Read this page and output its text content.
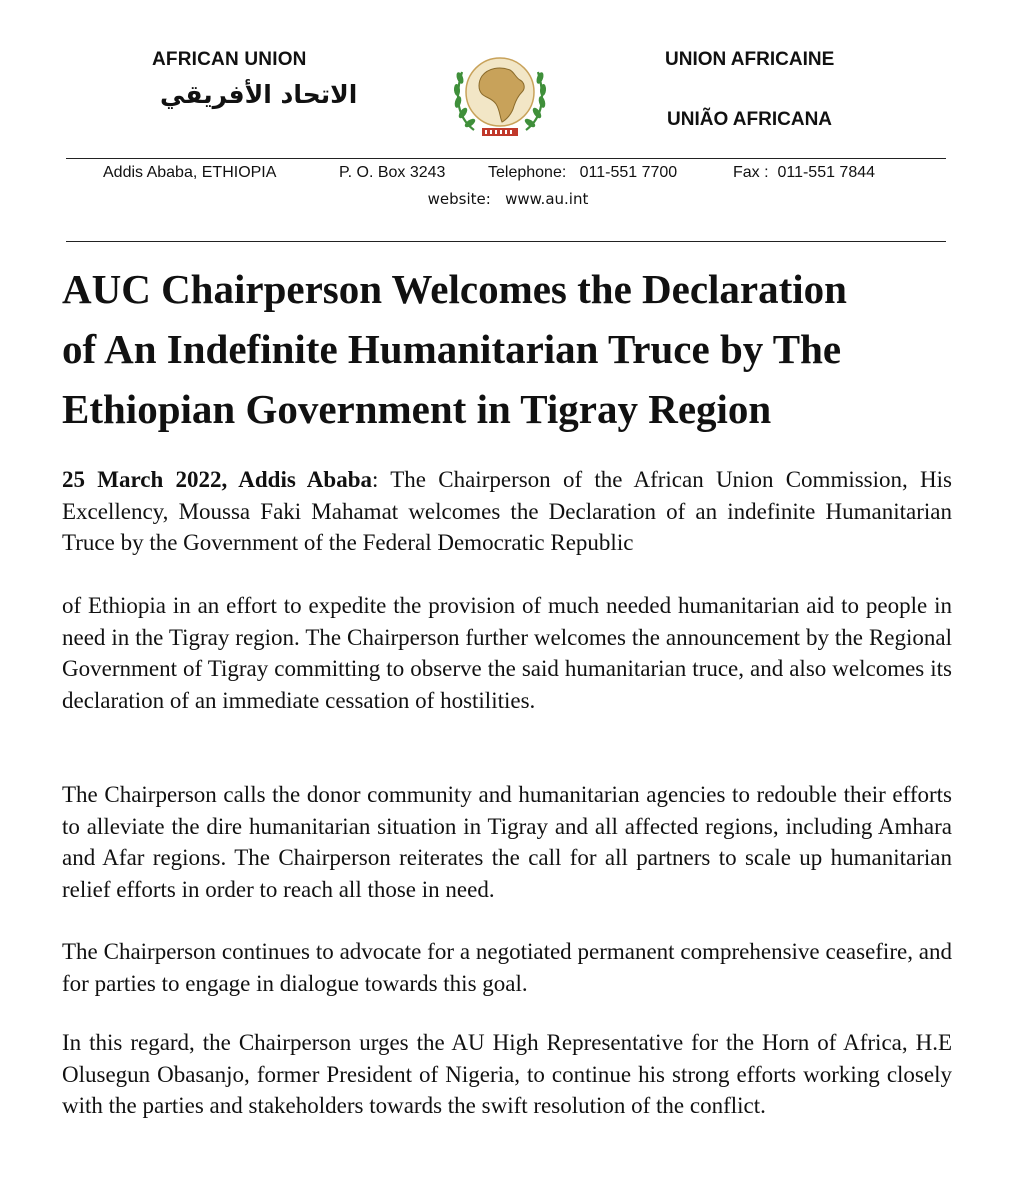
AFRICAN UNION
الاتحاد الأفريقي
UNION AFRICAINE
UNIÃO AFRICANA

Addis Ababa, ETHIOPIA

	P. O. Box 3243

	Telephone:   011-551 7700

	Fax :  011-551 7844

website:   www.au.int
AUC Chairperson Welcomes the Declaration
of An Indefinite Humanitarian Truce by The
Ethiopian Government in Tigray Region

25 March 2022, Addis Ababa: The Chairperson of the African Union Commission, His Excellency, Moussa Faki Mahamat welcomes the Declaration of an indefinite Humanitarian Truce by the Government of the Federal Democratic Republic

of Ethiopia in an effort to expedite the provision of much needed humanitarian aid to people in need in the Tigray region. The Chairperson further welcomes the announcement by the Regional Government of Tigray committing to observe the said humanitarian truce, and also welcomes its declaration of an immediate cessation of hostilities.

The Chairperson calls the donor community and humanitarian agencies to redouble their efforts to alleviate the dire humanitarian situation in Tigray and all affected regions, including Amhara and Afar regions. The Chairperson reiterates the call for all partners to scale up humanitarian relief efforts in order to reach all those in need.

The Chairperson continues to advocate for a negotiated permanent comprehensive ceasefire, and for parties to engage in dialogue towards this goal.

In this regard, the Chairperson urges the AU High Representative for the Horn of Africa, H.E Olusegun Obasanjo, former President of Nigeria, to continue his strong efforts working closely with the parties and stakeholders towards the swift resolution of the conflict.
